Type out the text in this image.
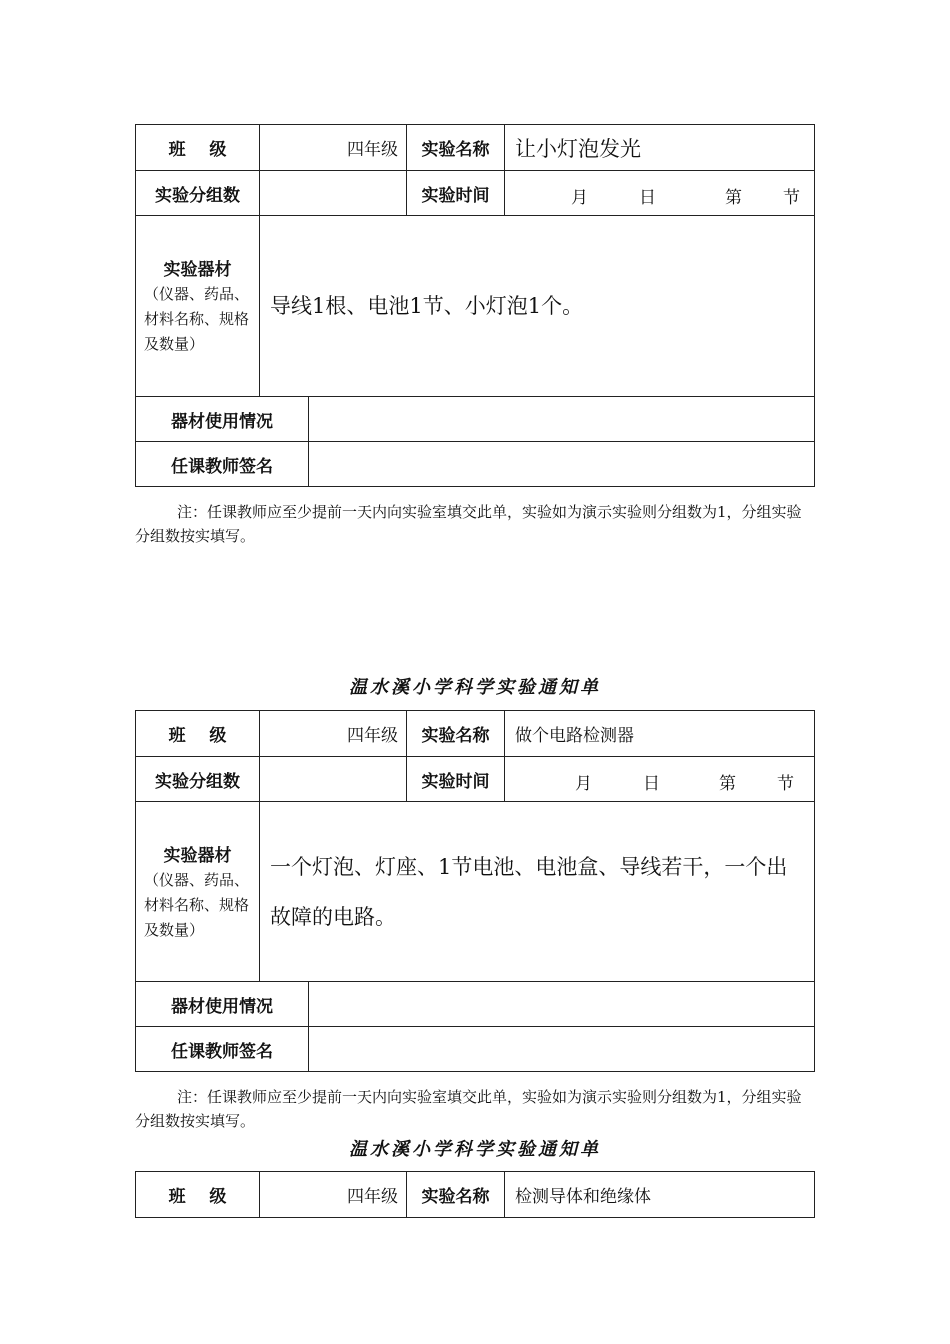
班    级	四年级		实验名称	让小灯泡发光
实验分组数			实验时间	月 日 第 节

实验器材
（仪器、药品、材料名称、规格及数量）	导线1根、电池1节、小灯泡1个。			
器材使用情况				
任课教师签名				
注：任课教师应至少提前一天内向实验室填交此单，实验如为演示实验则分组数为1，分组实验分组数按实填写。
温水溪小学科学实验通知单
班    级	四年级		实验名称	做个电路检测器
实验分组数			实验时间	月 日 第 节

实验器材
（仪器、药品、材料名称、规格及数量）	一个灯泡、灯座、1节电池、电池盒、导线若干，一个出故障的电路。			
器材使用情况				
任课教师签名				
注：任课教师应至少提前一天内向实验室填交此单，实验如为演示实验则分组数为1，分组实验分组数按实填写。
温水溪小学科学实验通知单
班    级	四年级	实验名称	检测导体和绝缘体
